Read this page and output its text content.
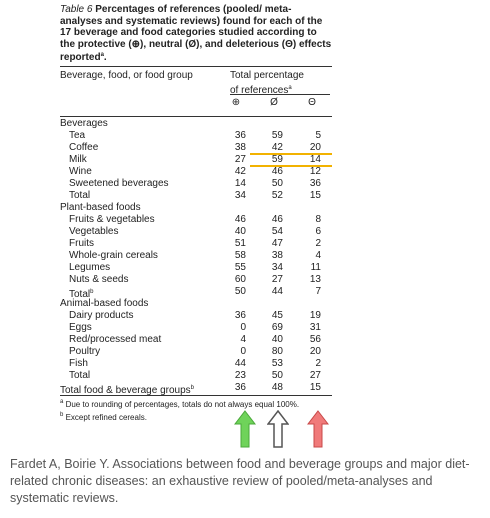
Table 6 Percentages of references (pooled/ meta-analyses and systematic reviews) found for each of the 17 beverage and food categories studied according to the protective (⊕), neutral (Ø), and deleterious (Θ) effects reported$^a$.
Beverage, food, or food group	Total percentage
of references$^a$
⊕	Ø	Θ
Beverages
Tea	36	59	5
Coffee	38	42	20
Milk	27	59	14
Wine	42	46	12
Sweetened beverages	14	50	36
Total	34	52	15
Plant-based foods
Fruits & vegetables	46	46	8
Vegetables	40	54	6
Fruits	51	47	2
Whole-grain cereals	58	38	4
Legumes	55	34	11
Nuts & seeds	60	27	13
Total$^b$	50	44	7
Animal-based foods
Dairy products	36	45	19
Eggs	0	69	31
Red/processed meat	4	40	56
Poultry	0	80	20
Fish	44	53	2
Total	23	50	27
Total food & beverage groups$^b$	36	48	15
$^a$ Due to rounding of percentages, totals do not always equal 100%.
$^b$ Except refined cereals.
Fardet A, Boirie Y. Associations between food and beverage groups and major diet-related chronic diseases: an exhaustive review of pooled/meta-analyses and systematic reviews.
